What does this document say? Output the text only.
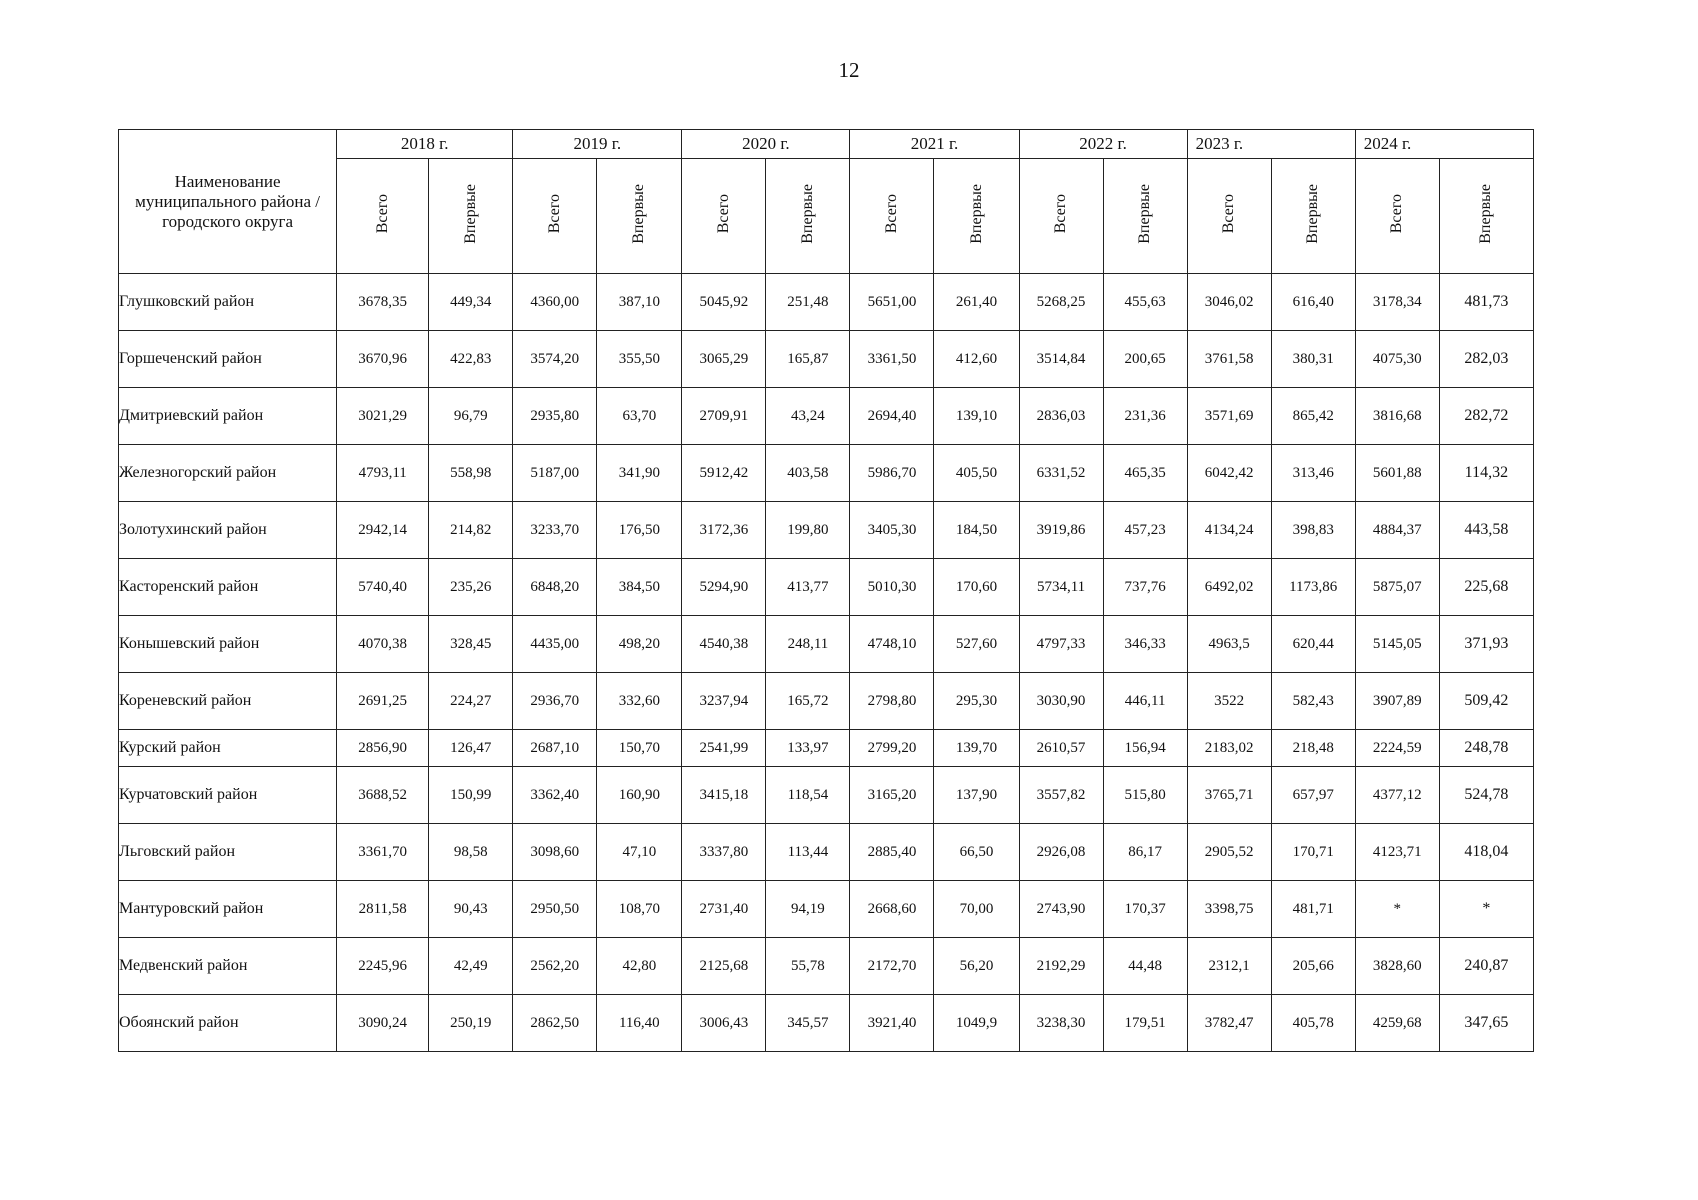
12
Наименование муниципального района / городского округа	2018 г.		2019 г.		2020 г.		2021 г.		2022 г.		2023 г.		2024 г.	
	Всего	Впервые	Всего	Впервые	Всего	Впервые	Всего	Впервые	Всего	Впервые	Всего	Впервые	Всего	Впервые
Глушковский район	3678,35	449,34	4360,00	387,10	5045,92	251,48	5651,00	261,40	5268,25	455,63	3046,02	616,40	3178,34	481,73
Горшеченский район	3670,96	422,83	3574,20	355,50	3065,29	165,87	3361,50	412,60	3514,84	200,65	3761,58	380,31	4075,30	282,03
Дмитриевский район	3021,29	96,79	2935,80	63,70	2709,91	43,24	2694,40	139,10	2836,03	231,36	3571,69	865,42	3816,68	282,72
Железногорский район	4793,11	558,98	5187,00	341,90	5912,42	403,58	5986,70	405,50	6331,52	465,35	6042,42	313,46	5601,88	114,32
Золотухинский район	2942,14	214,82	3233,70	176,50	3172,36	199,80	3405,30	184,50	3919,86	457,23	4134,24	398,83	4884,37	443,58
Касторенский район	5740,40	235,26	6848,20	384,50	5294,90	413,77	5010,30	170,60	5734,11	737,76	6492,02	1173,86	5875,07	225,68
Конышевский район	4070,38	328,45	4435,00	498,20	4540,38	248,11	4748,10	527,60	4797,33	346,33	4963,5	620,44	5145,05	371,93
Кореневский район	2691,25	224,27	2936,70	332,60	3237,94	165,72	2798,80	295,30	3030,90	446,11	3522	582,43	3907,89	509,42
Курский район	2856,90	126,47	2687,10	150,70	2541,99	133,97	2799,20	139,70	2610,57	156,94	2183,02	218,48	2224,59	248,78
Курчатовский район	3688,52	150,99	3362,40	160,90	3415,18	118,54	3165,20	137,90	3557,82	515,80	3765,71	657,97	4377,12	524,78
Льговский район	3361,70	98,58	3098,60	47,10	3337,80	113,44	2885,40	66,50	2926,08	86,17	2905,52	170,71	4123,71	418,04
Мантуровский район	2811,58	90,43	2950,50	108,70	2731,40	94,19	2668,60	70,00	2743,90	170,37	3398,75	481,71	*	*
Медвенский район	2245,96	42,49	2562,20	42,80	2125,68	55,78	2172,70	56,20	2192,29	44,48	2312,1	205,66	3828,60	240,87
Обоянский район	3090,24	250,19	2862,50	116,40	3006,43	345,57	3921,40	1049,9	3238,30	179,51	3782,47	405,78	4259,68	347,65
